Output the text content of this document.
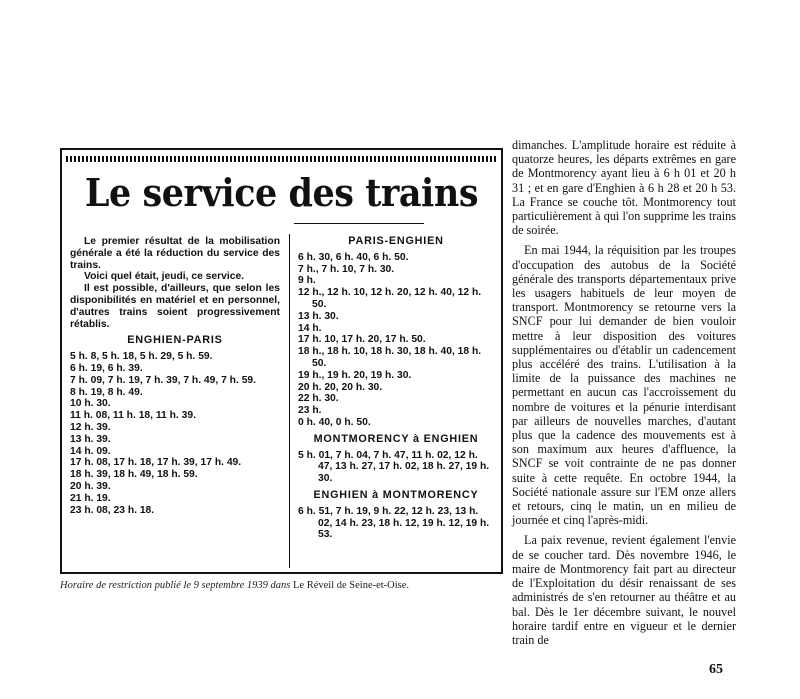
Le service des trains

Le premier résultat de la mobilisation générale a été la réduction du service des trains.

Voici quel était, jeudi, ce service.

Il est possible, d'ailleurs, que selon les disponibilités en matériel et en personnel, d'autres trains soient progressivement rétablis.

ENGHIEN-PARIS
5 h. 8, 5 h. 18, 5 h. 29, 5 h. 59.
6 h. 19, 6 h. 39.
7 h. 09, 7 h. 19, 7 h. 39, 7 h. 49, 7 h. 59.
8 h. 19, 8 h. 49.
10 h. 30.
11 h. 08, 11 h. 18, 11 h. 39.
12 h. 39.
13 h. 39.
14 h. 09.
17 h. 08, 17 h. 18, 17 h. 39, 17 h. 49.
18 h. 39, 18 h. 49, 18 h. 59.
20 h. 39.
21 h. 19.
23 h. 08, 23 h. 18.
PARIS-ENGHIEN
6 h. 30, 6 h. 40, 6 h. 50.
7 h., 7 h. 10, 7 h. 30.
9 h.
12 h., 12 h. 10, 12 h. 20, 12 h. 40, 12 h. 50.
13 h. 30.
14 h.
17 h. 10, 17 h. 20, 17 h. 50.
18 h., 18 h. 10, 18 h. 30, 18 h. 40, 18 h. 50.
19 h., 19 h. 20, 19 h. 30.
20 h. 20, 20 h. 30.
22 h. 30.
23 h.
0 h. 40, 0 h. 50.
MONTMORENCY à ENGHIEN
5 h. 01, 7 h. 04, 7 h. 47, 11 h. 02, 12 h. 47, 13 h. 27, 17 h. 02, 18 h. 27, 19 h. 30.
ENGHIEN à MONTMORENCY
6 h. 51, 7 h. 19, 9 h. 22, 12 h. 23, 13 h. 02, 14 h. 23, 18 h. 12, 19 h. 12, 19 h. 53.
Horaire de restriction publié le 9 septembre 1939 dans Le Réveil de Seine-et-Oise.

dimanches. L'amplitude horaire est réduite à quatorze heures, les départs extrêmes en gare de Montmorency ayant lieu à 6 h 01 et 20 h 31 ; et en gare d'Enghien à 6 h 28 et 20 h 53. La France se couche tôt. Montmorency tout particulièrement à qui l'on supprime les trains de soirée.

En mai 1944, la réquisition par les troupes d'occupation des autobus de la Société générale des transports départementaux prive les usagers habituels de leur moyen de transport. Montmorency se retourne vers la SNCF pour lui demander de bien vouloir mettre à leur disposition des voitures supplémentaires ou d'établir un cadencement plus accéléré des trains. L'utilisation à la limite de la puissance des machines ne permettant en aucun cas l'accroissement du nombre de voitures et la pénurie interdisant par ailleurs de nouvelles marches, d'autant plus que la cadence des mouvements est à son maximum aux heures d'affluence, la SNCF se voit contrainte de ne pas donner suite à cette requête. En octobre 1944, la Société nationale assure sur l'EM onze allers et retours, cinq le matin, un en milieu de journée et cinq l'après-midi.

La paix revenue, revient également l'envie de se coucher tard. Dès novembre 1946, le maire de Montmorency fait part au directeur de l'Exploitation du désir renaissant de ses administrés de s'en retourner au théâtre et au bal. Dès le 1er décembre suivant, le nouvel horaire tardif entre en vigueur et le dernier train de

65
